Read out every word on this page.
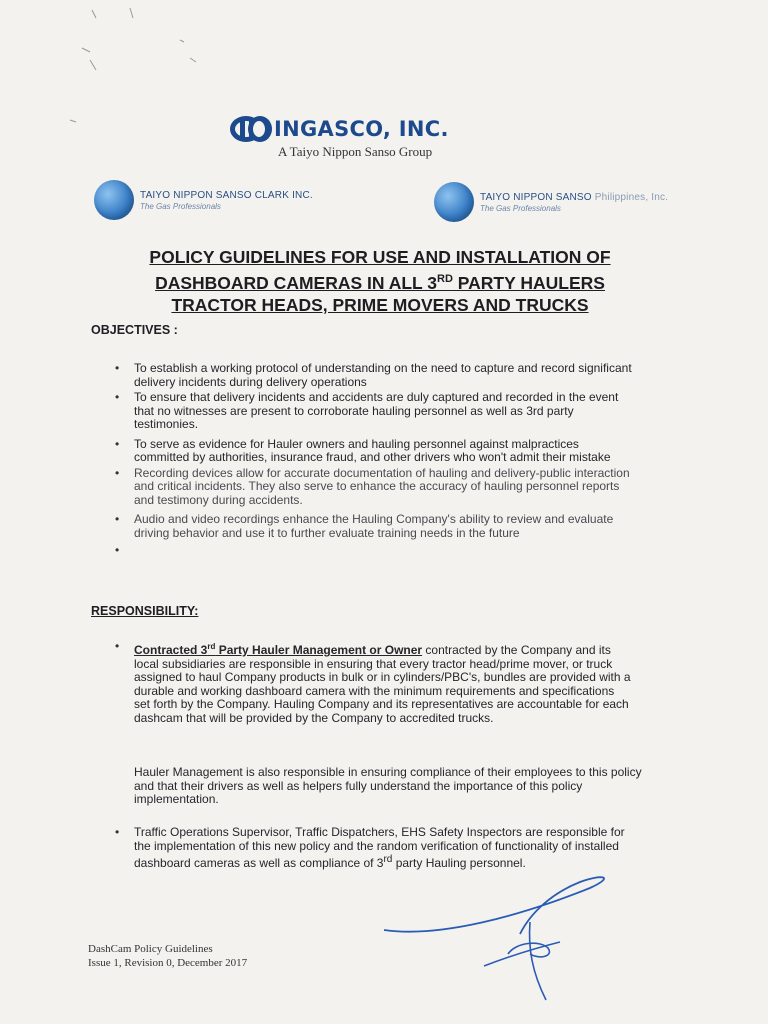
INGASCO, INC.
A Taiyo Nippon Sanso Group
TAIYO NIPPON SANSO CLARK INC.
The Gas Professionals
TAIYO NIPPON SANSO Philippines, Inc.
The Gas Professionals
POLICY GUIDELINES FOR USE AND INSTALLATION OF
DASHBOARD CAMERAS IN ALL 3RD PARTY HAULERS
TRACTOR HEADS, PRIME MOVERS AND TRUCKS
OBJECTIVES :
• To establish a working protocol of understanding on the need to capture and record significant delivery incidents during delivery operations
• To ensure that delivery incidents and accidents are duly captured and recorded in the event that no witnesses are present to corroborate hauling personnel as well as 3rd party testimonies.
• To serve as evidence for Hauler owners and hauling personnel against malpractices committed by authorities, insurance fraud, and other drivers who won't admit their mistake
• Recording devices allow for accurate documentation of hauling and delivery-public interaction and critical incidents. They also serve to enhance the accuracy of hauling personnel reports and testimony during accidents.
• Audio and video recordings enhance the Hauling Company's ability to review and evaluate driving behavior and use it to further evaluate training needs in the future
•
RESPONSIBILITY:
• Contracted 3rd Party Hauler Management or Owner contracted by the Company and its local subsidiaries are responsible in ensuring that every tractor head/prime mover, or truck assigned to haul Company products in bulk or in cylinders/PBC's, bundles are provided with a durable and working dashboard camera with the minimum requirements and specifications set forth by the Company. Hauling Company and its representatives are accountable for each dashcam that will be provided by the Company to accredited trucks.
Hauler Management is also responsible in ensuring compliance of their employees to this policy and that their drivers as well as helpers fully understand the importance of this policy implementation.
• Traffic Operations Supervisor, Traffic Dispatchers, EHS Safety Inspectors are responsible for the implementation of this new policy and the random verification of functionality of installed dashboard cameras as well as compliance of 3rd party Hauling personnel.
DashCam Policy Guidelines
Issue 1, Revision 0, December 2017
